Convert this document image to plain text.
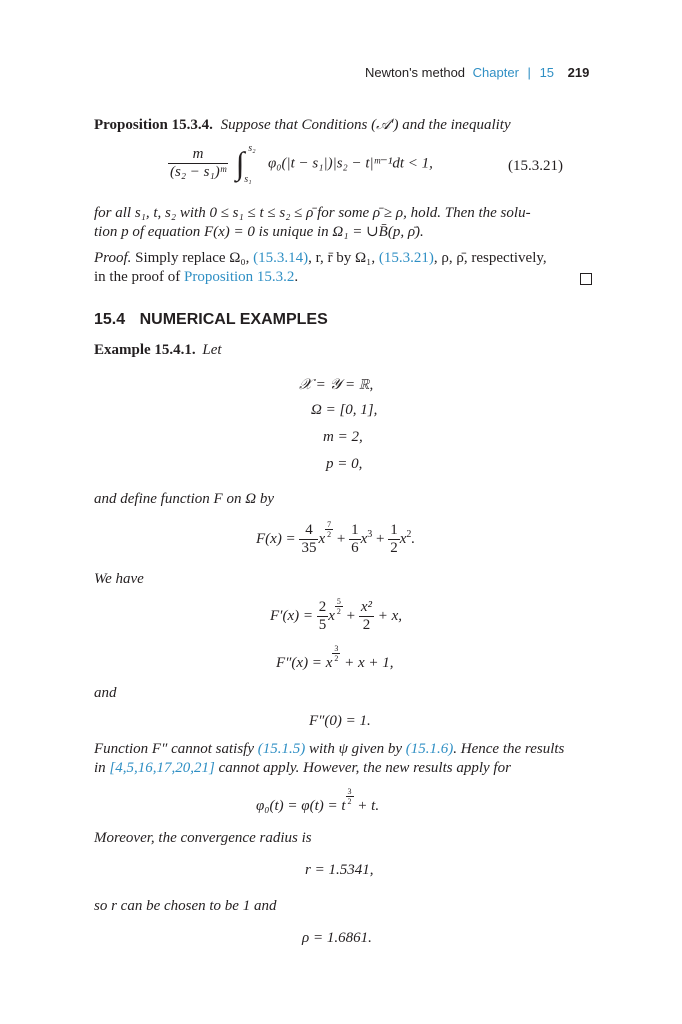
Newton's method Chapter | 15 219
Proposition 15.3.4. Suppose that Conditions (𝒜′) and the inequality
$\frac{m}{\text{(s₂ − s₁)ᵐ}}$ ∫ s₂
s₁
φ₀(|t − s₁|)|s₂ − t|ᵐ⁻¹dt < 1,	(15.3.21)
for all s₁, t, s₂ with 0 ≤ s₁ ≤ t ≤ s₂ ≤ ρ̄ for some ρ̄ ≥ ρ, hold. Then the solu-
tion p of equation F(x) = 0 is unique in Ω₁ = ∪B̄(p, ρ̄).
Proof. Simply replace Ω₀, (15.3.14), r, r̄ by Ω₁, (15.3.21), ρ, ρ̄, respectively,
in the proof of Proposition 15.3.2.
15.4 NUMERICAL EXAMPLES
Example 15.4.1. Let
𝒳 = 𝒴 = ℝ,
Ω = [0, 1],
m = 2,
p = 0,
and define function F on Ω by
$F(x) = \frac{4}{35}$ x
$\frac{7}{2}$
+ $\frac{1}{6} x^3 + \frac{1}{2} x^2$.
We have
$F'(x) = \frac{2}{5}$ x
$\frac{5}{2}$
+ $\frac{\text{x²}}{2} + x$,
F″(x) = x
$\frac{3}{2}$
+ x + 1,
and
F″(0) = 1.
Function F″ cannot satisfy (15.1.5) with ψ given by (15.1.6). Hence the results
in [4,5,16,17,20,21] cannot apply. However, the new results apply for
φ₀(t) = φ(t) = t
$\frac{3}{2}$
+ t.
Moreover, the convergence radius is
r = 1.5341,
so r can be chosen to be 1 and
ρ = 1.6861.
